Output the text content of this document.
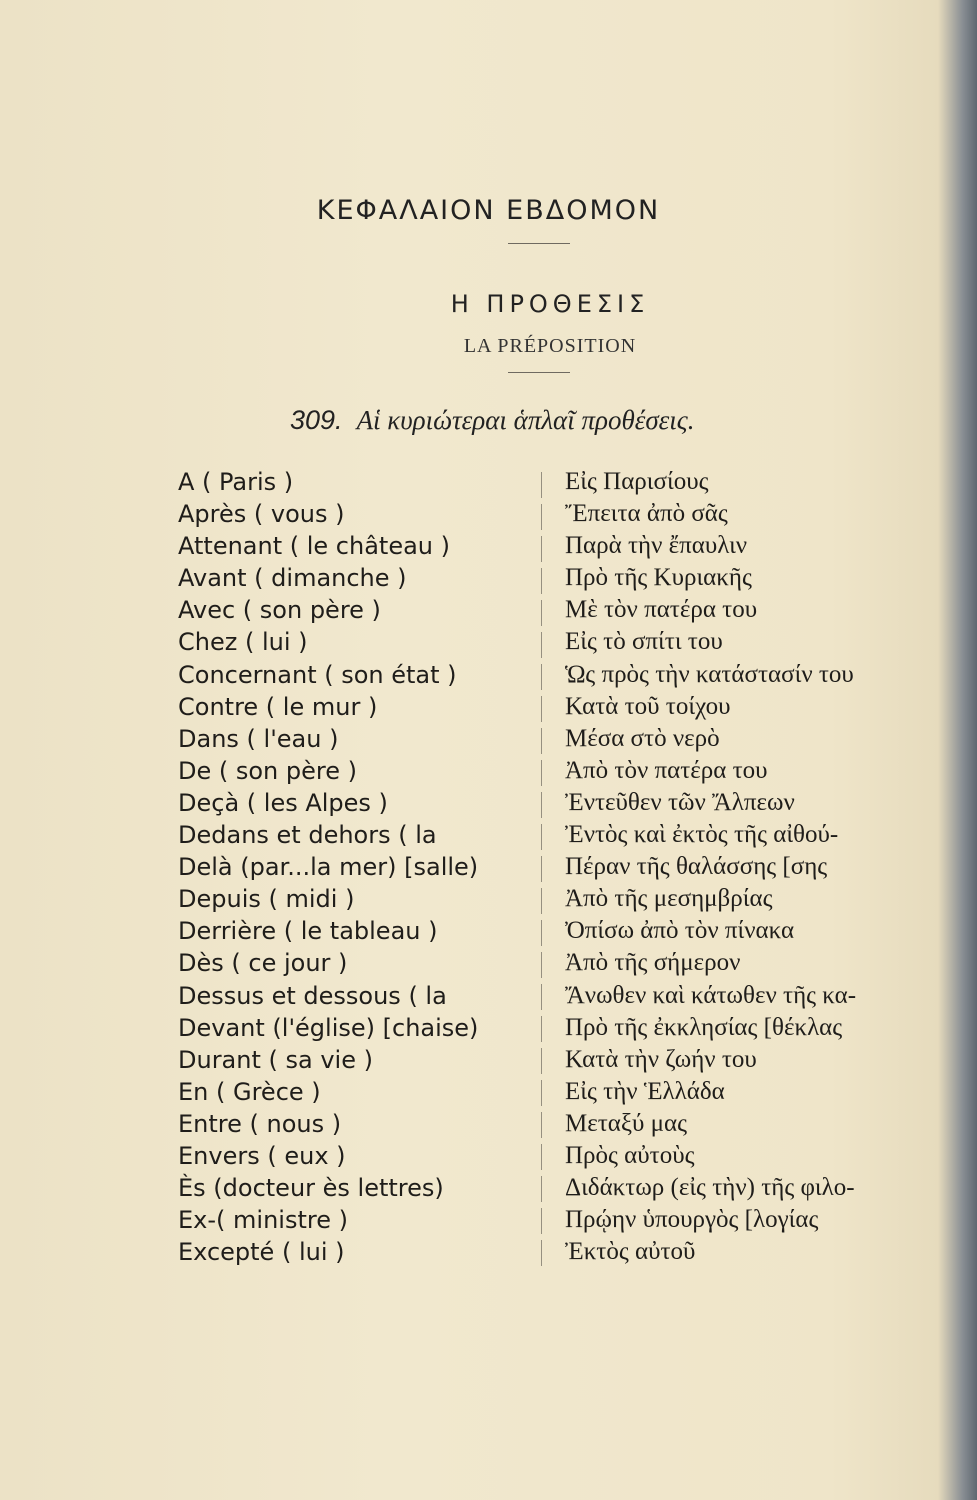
ΚΕΦΑΛΑΙΟΝ ΕΒΔΟΜΟΝ
Η ΠΡΟΘΕΣΙΣ
LA PRÉPOSITION
309. Αἱ κυριώτεραι ἁπλαῖ προθέσεις.
A ( Paris )
Après ( vous )
Attenant ( le château )
Avant ( dimanche )
Avec ( son père )
Chez ( lui )
Concernant ( son état )
Contre ( le mur )
Dans ( l'eau )
De ( son père )
Deçà ( les Alpes )
Dedans et dehors ( la
Delà (par...la mer) [salle)
Depuis ( midi )
Derrière ( le tableau )
Dès ( ce jour )
Dessus et dessous ( la
Devant (l'église) [chaise)
Durant ( sa vie )
En ( Grèce )
Entre ( nous )
Envers ( eux )
Ès (docteur ès lettres)
Ex-( ministre )
Excepté ( lui )
Εἰς Παρισίους
Ἔπειτα ἀπὸ σᾶς
Παρὰ τὴν ἔπαυλιν
Πρὸ τῆς Κυριακῆς
Μὲ τὸν πατέρα του
Εἰς τὸ σπίτι του
Ὡς πρὸς τὴν κατάστασίν του
Κατὰ τοῦ τοίχου
Μέσα στὸ νερὸ
Ἀπὸ τὸν πατέρα του
Ἐντεῦθεν τῶν Ἄλπεων
Ἐντὸς καὶ ἐκτὸς τῆς αἰθού-
Πέραν τῆς θαλάσσης [σης
Ἀπὸ τῆς μεσημβρίας
Ὀπίσω ἀπὸ τὸν πίνακα
Ἀπὸ τῆς σήμερον
Ἄνωθεν καὶ κάτωθεν τῆς κα-
Πρὸ τῆς ἐκκλησίας [θέκλας
Κατὰ τὴν ζωήν του
Εἰς τὴν Ἑλλάδα
Μεταξύ μας
Πρὸς αὐτοὺς
Διδάκτωρ (εἰς τὴν) τῆς φιλο-
Πρῴην ὑπουργὸς [λογίας
Ἐκτὸς αὐτοῦ
